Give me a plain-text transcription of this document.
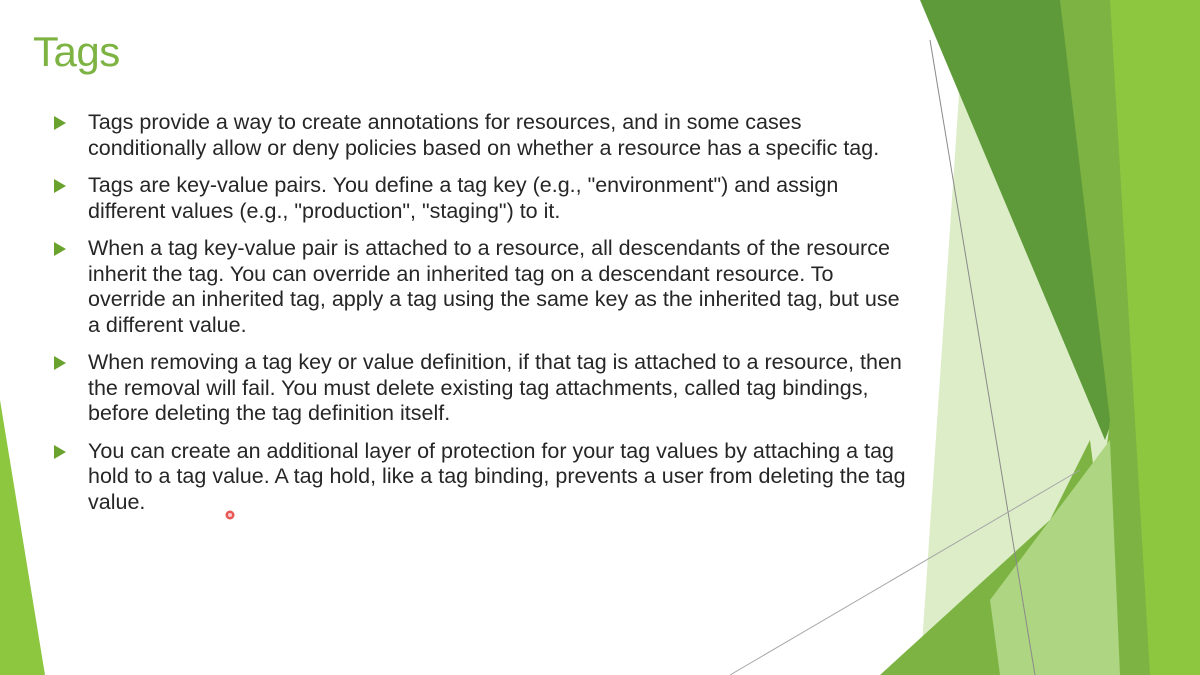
Tags
Tags provide a way to create annotations for resources, and in some cases conditionally allow or deny policies based on whether a resource has a specific tag.
Tags are key-value pairs. You define a tag key (e.g., "environment") and assign different values (e.g., "production", "staging") to it.
When a tag key-value pair is attached to a resource, all descendants of the resource inherit the tag. You can override an inherited tag on a descendant resource. To override an inherited tag, apply a tag using the same key as the inherited tag, but use a different value.
When removing a tag key or value definition, if that tag is attached to a resource, then the removal will fail. You must delete existing tag attachments, called tag bindings, before deleting the tag definition itself.
You can create an additional layer of protection for your tag values by attaching a tag hold to a tag value. A tag hold, like a tag binding, prevents a user from deleting the tag value.
